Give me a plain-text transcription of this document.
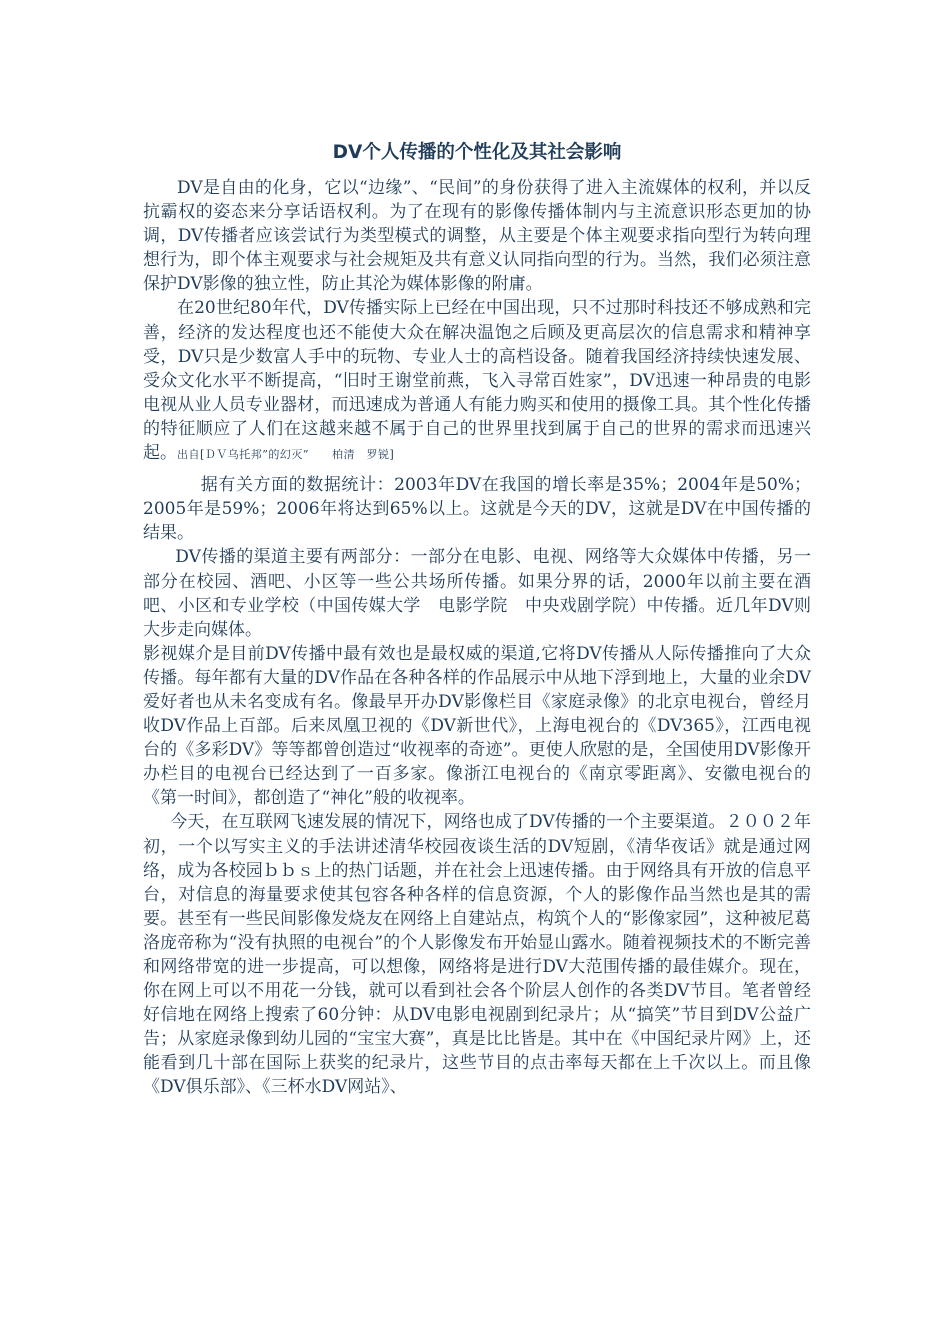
DV个人传播的个性化及其社会影响

DV是自由的化身，它以“边缘”、“民间”的身份获得了进入主流媒体的权利，并以反抗霸权的姿态来分享话语权利。为了在现有的影像传播体制内与主流意识形态更加的协调，DV传播者应该尝试行为类型模式的调整，从主要是个体主观要求指向型行为转向理想行为，即个体主观要求与社会规矩及共有意义认同指向型的行为。当然，我们必须注意保护DV影像的独立性，防止其沦为媒体影像的附庸。

在20世纪80年代，DV传播实际上已经在中国出现，只不过那时科技还不够成熟和完善，经济的发达程度也还不能使大众在解决温饱之后顾及更高层次的信息需求和精神享受，DV只是少数富人手中的玩物、专业人士的高档设备。随着我国经济持续快速发展、受众文化水平不断提高，“旧时王谢堂前燕，飞入寻常百姓家”，DV迅速一种昂贵的电影电视从业人员专业器材，而迅速成为普通人有能力购买和使用的摄像工具。其个性化传播的特征顺应了人们在这越来越不属于自己的世界里找到属于自己的世界的需求而迅速兴起。出自[ＤＶ乌托邦”的幻灭”　　柏清　罗锐]

据有关方面的数据统计：2003年DV在我国的增长率是35%；2004年是50%；2005年是59%；2006年将达到65%以上。这就是今天的DV，这就是DV在中国传播的结果。

DV传播的渠道主要有两部分：一部分在电影、电视、网络等大众媒体中传播，另一部分在校园、酒吧、小区等一些公共场所传播。如果分界的话，2000年以前主要在酒吧、小区和专业学校（中国传媒大学　电影学院　中央戏剧学院）中传播。近几年DV则大步走向媒体。

影视媒介是目前DV传播中最有效也是最权威的渠道,它将DV传播从人际传播推向了大众传播。每年都有大量的DV作品在各种各样的作品展示中从地下浮到地上，大量的业余DV爱好者也从未名变成有名。像最早开办DV影像栏目《家庭录像》的北京电视台，曾经月收DV作品上百部。后来凤凰卫视的《DV新世代》，上海电视台的《DV365》，江西电视台的《多彩DV》等等都曾创造过“收视率的奇迹”。更使人欣慰的是，全国使用DV影像开办栏目的电视台已经达到了一百多家。像浙江电视台的《南京零距离》、安徽电视台的《第一时间》，都创造了“神化”般的收视率。

今天，在互联网飞速发展的情况下，网络也成了DV传播的一个主要渠道。２００２年初，一个以写实主义的手法讲述清华校园夜谈生活的DV短剧，《清华夜话》就是通过网络，成为各校园ｂｂｓ上的热门话题，并在社会上迅速传播。由于网络具有开放的信息平台，对信息的海量要求使其包容各种各样的信息资源，个人的影像作品当然也是其的需要。甚至有一些民间影像发烧友在网络上自建站点，构筑个人的“影像家园”，这种被尼葛洛庞帝称为“没有执照的电视台”的个人影像发布开始显山露水。随着视频技术的不断完善和网络带宽的进一步提高，可以想像，网络将是进行DV大范围传播的最佳媒介。现在，你在网上可以不用花一分钱，就可以看到社会各个阶层人创作的各类DV节目。笔者曾经好信地在网络上搜索了60分钟：从DV电影电视剧到纪录片；从“搞笑”节目到DV公益广告；从家庭录像到幼儿园的“宝宝大赛”，真是比比皆是。其中在《中国纪录片网》上，还能看到几十部在国际上获奖的纪录片，这些节目的点击率每天都在上千次以上。而且像《DV俱乐部》、《三杯水DV网站》、
